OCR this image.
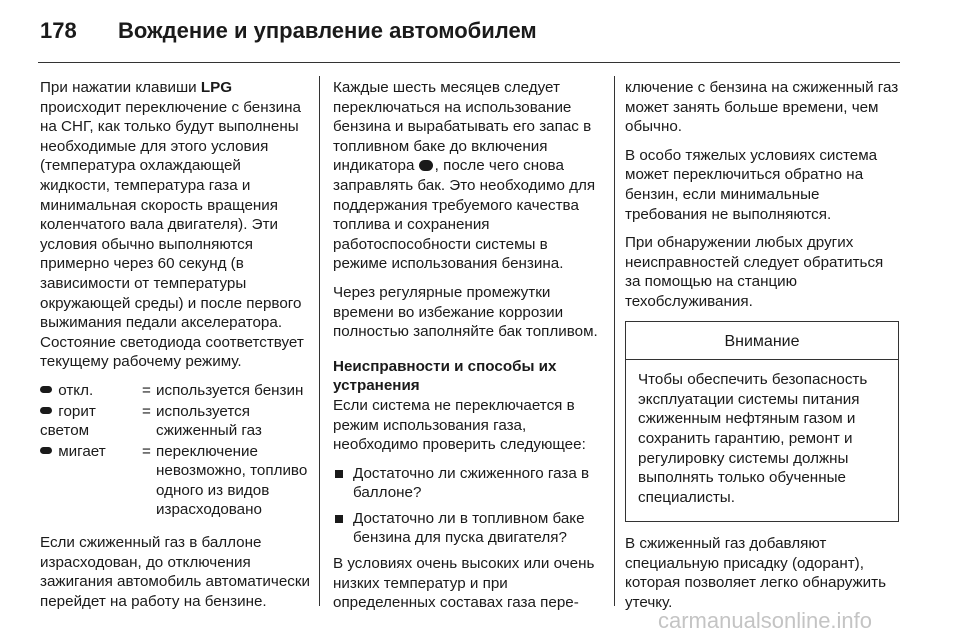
178 Вождение и управление автомобилем

При нажатии клавиши LPG происходит переключение с бензина на СНГ, как только будут выполнены необходимые для этого условия (температура охлаждающей жидкости, температура газа и минимальная скорость вращения коленчатого вала двигателя). Эти условия обычно выполняются примерно через 60 секунд (в зависимости от температуры окружающей среды) и после первого выжимания педали акселератора. Состояние светодиода соответствует текущему рабочему режиму.

откл.	=	используется бензин
горит светом	=	используется сжиженный газ
мигает	=	переключение невозможно, топливо одного из видов израсходовано

Если сжиженный газ в баллоне израсходован, до отключения зажигания автомобиль автоматически перейдет на работу на бензине.

Каждые шесть месяцев следует переключаться на использование бензина и вырабатывать его запас в топливном баке до включения индикатора , после чего снова заправлять бак. Это необходимо для поддержания требуемого качества топлива и сохранения работоспособности системы в режиме использования бензина.

Через регулярные промежутки времени во избежание коррозии полностью заполняйте бак топливом.

Неисправности и способы их устранения
Если система не переключается в режим использования газа, необходимо проверить следующее:

Достаточно ли сжиженного газа в баллоне?
Достаточно ли в топливном баке бензина для пуска двигателя?

В условиях очень высоких или очень низких температур и при определенных составах газа пере-

ключение с бензина на сжиженный газ может занять больше времени, чем обычно.

В особо тяжелых условиях система может переключиться обратно на бензин, если минимальные требования не выполняются.

При обнаружении любых других неисправностей следует обратиться за помощью на станцию техобслуживания.

Внимание
Чтобы обеспечить безопасность эксплуатации системы питания сжиженным нефтяным газом и сохранить гарантию, ремонт и регулировку системы должны выполнять только обученные специалисты.

В сжиженный газ добавляют специальную присадку (одорант), которая позволяет легко обнаружить утечку.

carmanualsonline.info
